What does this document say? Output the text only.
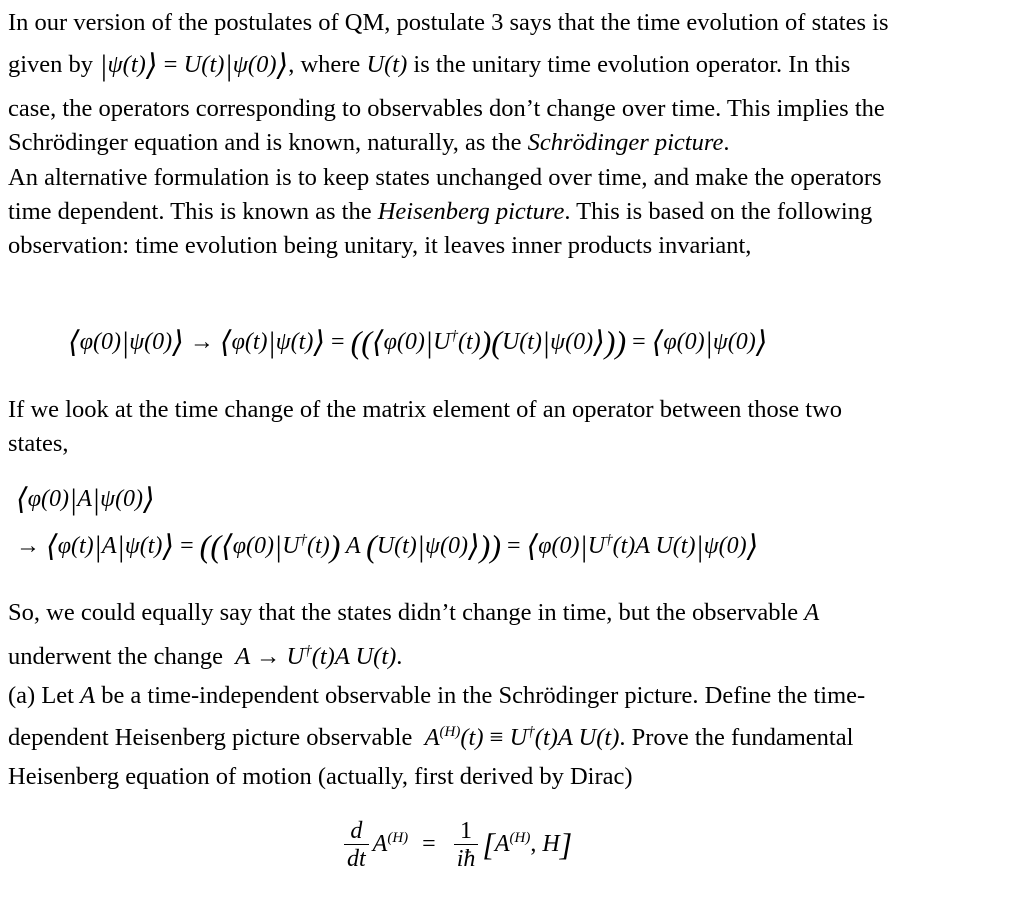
In our version of the postulates of QM, postulate 3 says that the time evolution of states is
given by |ψ(t)⟩ = U(t)|ψ(0)⟩, where U(t) is the unitary time evolution operator. In this
case, the operators corresponding to observables don’t change over time. This implies the
Schrödinger equation and is known, naturally, as the Schrödinger picture.
An alternative formulation is to keep states unchanged over time, and make the operators
time dependent. This is known as the Heisenberg picture. This is based on the following
observation: time evolution being unitary, it leaves inner products invariant,
⟨φ(0)|ψ(0)⟩ → ⟨φ(t)|ψ(t)⟩ = ((⟨φ(0)|U†(t))(U(t)|ψ(0)⟩)) = ⟨φ(0)|ψ(0)⟩
If we look at the time change of the matrix element of an operator between those two
states,
⟨φ(0)|A|ψ(0)⟩
→ ⟨φ(t)|A|ψ(t)⟩ = ((⟨φ(0)|U†(t)) A (U(t)|ψ(0)⟩)) = ⟨φ(0)|U†(t)A U(t)|ψ(0)⟩
So, we could equally say that the states didn’t change in time, but the observable A
underwent the change  A → U†(t)A U(t).
(a) Let A be a time-independent observable in the Schrödinger picture. Define the time-
dependent Heisenberg picture observable  $A^{(H)}(t) \equiv U^\dagger(t)A$ U(t). Prove the fundamental
Heisenberg equation of motion (actually, first derived by Dirac)
$\frac{d}{dt} A^{(H)} = \frac{1}{iħ} [A^{(H)}$, H]
